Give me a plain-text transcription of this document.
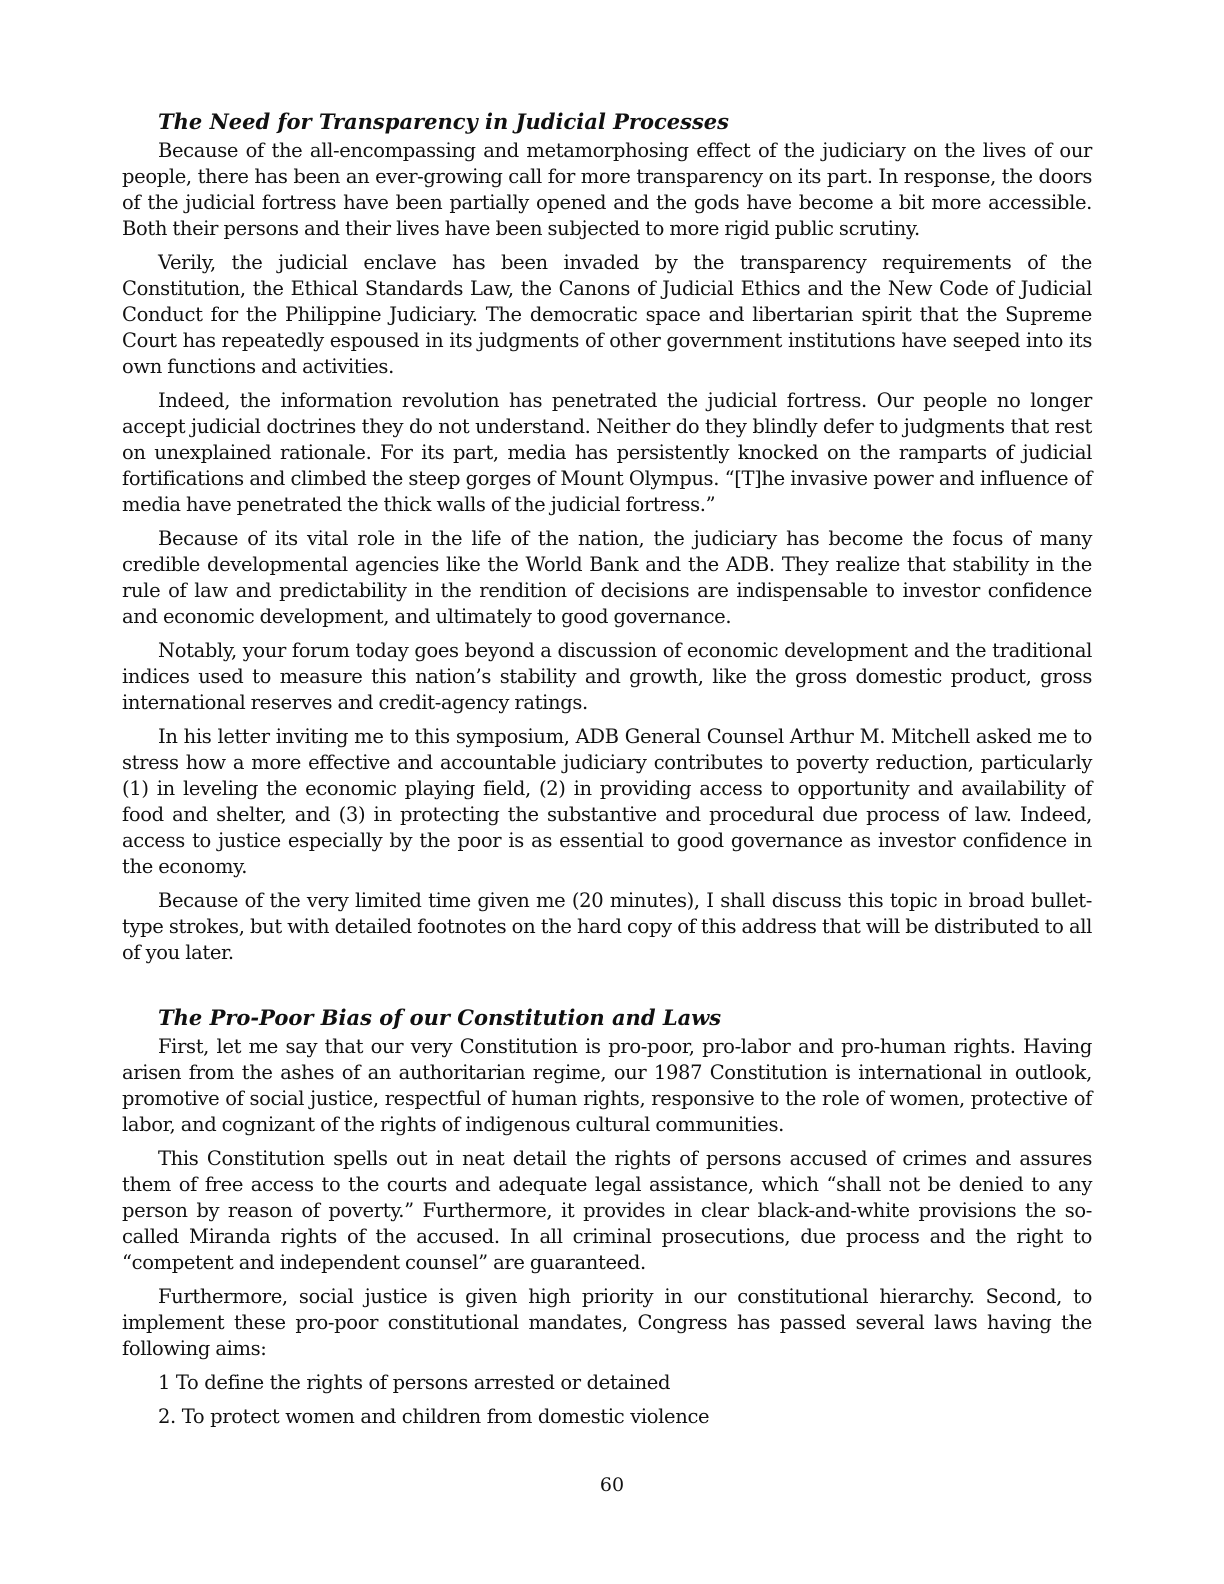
The Need for Transparency in Judicial Processes

Because of the all-encompassing and metamorphosing effect of the judiciary on the lives of our people, there has been an ever-growing call for more transparency on its part. In response, the doors of the judicial fortress have been partially opened and the gods have become a bit more accessible. Both their persons and their lives have been subjected to more rigid public scrutiny.

Verily, the judicial enclave has been invaded by the transparency requirements of the Constitution, the Ethical Standards Law, the Canons of Judicial Ethics and the New Code of Judicial Conduct for the Philippine Judiciary. The democratic space and libertarian spirit that the Supreme Court has repeatedly espoused in its judgments of other government institutions have seeped into its own functions and activities.

Indeed, the information revolution has penetrated the judicial fortress. Our people no longer accept judicial doctrines they do not understand. Neither do they blindly defer to judgments that rest on unexplained rationale. For its part, media has persistently knocked on the ramparts of judicial fortifications and climbed the steep gorges of Mount Olympus. “[T]he invasive power and influence of media have penetrated the thick walls of the judicial fortress.”

Because of its vital role in the life of the nation, the judiciary has become the focus of many credible developmental agencies like the World Bank and the ADB. They realize that stability in the rule of law and predictability in the rendition of decisions are indispensable to investor confidence and economic development, and ultimately to good governance.

Notably, your forum today goes beyond a discussion of economic development and the traditional indices used to measure this nation’s stability and growth, like the gross domestic product, gross international reserves and credit-agency ratings.

In his letter inviting me to this symposium, ADB General Counsel Arthur M. Mitchell asked me to stress how a more effective and accountable judiciary contributes to poverty reduction, particularly (1) in leveling the economic playing field, (2) in providing access to opportunity and availability of food and shelter, and (3) in protecting the substantive and procedural due process of law. Indeed, access to justice especially by the poor is as essential to good governance as investor confidence in the economy.

Because of the very limited time given me (20 minutes), I shall discuss this topic in broad bullet-type strokes, but with detailed footnotes on the hard copy of this address that will be distributed to all of you later.

The Pro-Poor Bias of our Constitution and Laws

First, let me say that our very Constitution is pro-poor, pro-labor and pro-human rights. Having arisen from the ashes of an authoritarian regime, our 1987 Constitution is international in outlook, promotive of social justice, respectful of human rights, responsive to the role of women, protective of labor, and cognizant of the rights of indigenous cultural communities.

This Constitution spells out in neat detail the rights of persons accused of crimes and assures them of free access to the courts and adequate legal assistance, which “shall not be denied to any person by reason of poverty.” Furthermore, it provides in clear black-and-white provisions the so-called Miranda rights of the accused. In all criminal prosecutions, due process and the right to “competent and independent counsel” are guaranteed.

Furthermore, social justice is given high priority in our constitutional hierarchy. Second, to implement these pro-poor constitutional mandates, Congress has passed several laws having the following aims:

1 To define the rights of persons arrested or detained
2. To protect women and children from domestic violence
60
